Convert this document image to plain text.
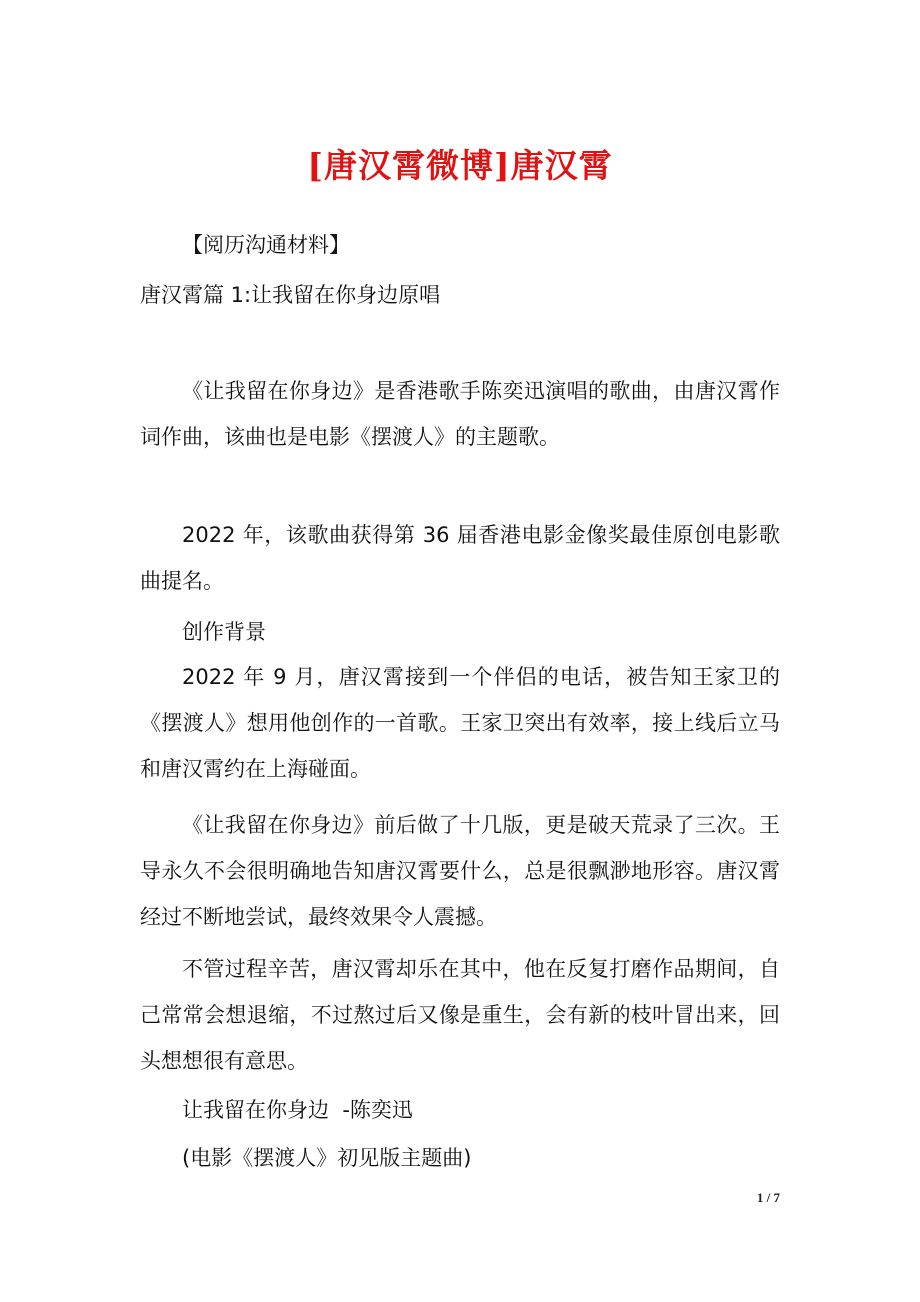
[唐汉霄微博]唐汉霄

【阅历沟通材料】

唐汉霄篇 1:让我留在你身边原唱

《让我留在你身边》是香港歌手陈奕迅演唱的歌曲，由唐汉霄作词作曲，该曲也是电影《摆渡人》的主题歌。

2022 年，该歌曲获得第 36 届香港电影金像奖最佳原创电影歌曲提名。

创作背景

2022 年 9 月，唐汉霄接到一个伴侣的电话，被告知王家卫的《摆渡人》想用他创作的一首歌。王家卫突出有效率，接上线后立马和唐汉霄约在上海碰面。

《让我留在你身边》前后做了十几版，更是破天荒录了三次。王导永久不会很明确地告知唐汉霄要什么，总是很飘渺地形容。唐汉霄经过不断地尝试，最终效果令人震撼。

不管过程辛苦，唐汉霄却乐在其中，他在反复打磨作品期间，自己常常会想退缩，不过熬过后又像是重生，会有新的枝叶冒出来，回头想想很有意思。

让我留在你身边  -陈奕迅

(电影《摆渡人》初见版主题曲)

1 / 7
